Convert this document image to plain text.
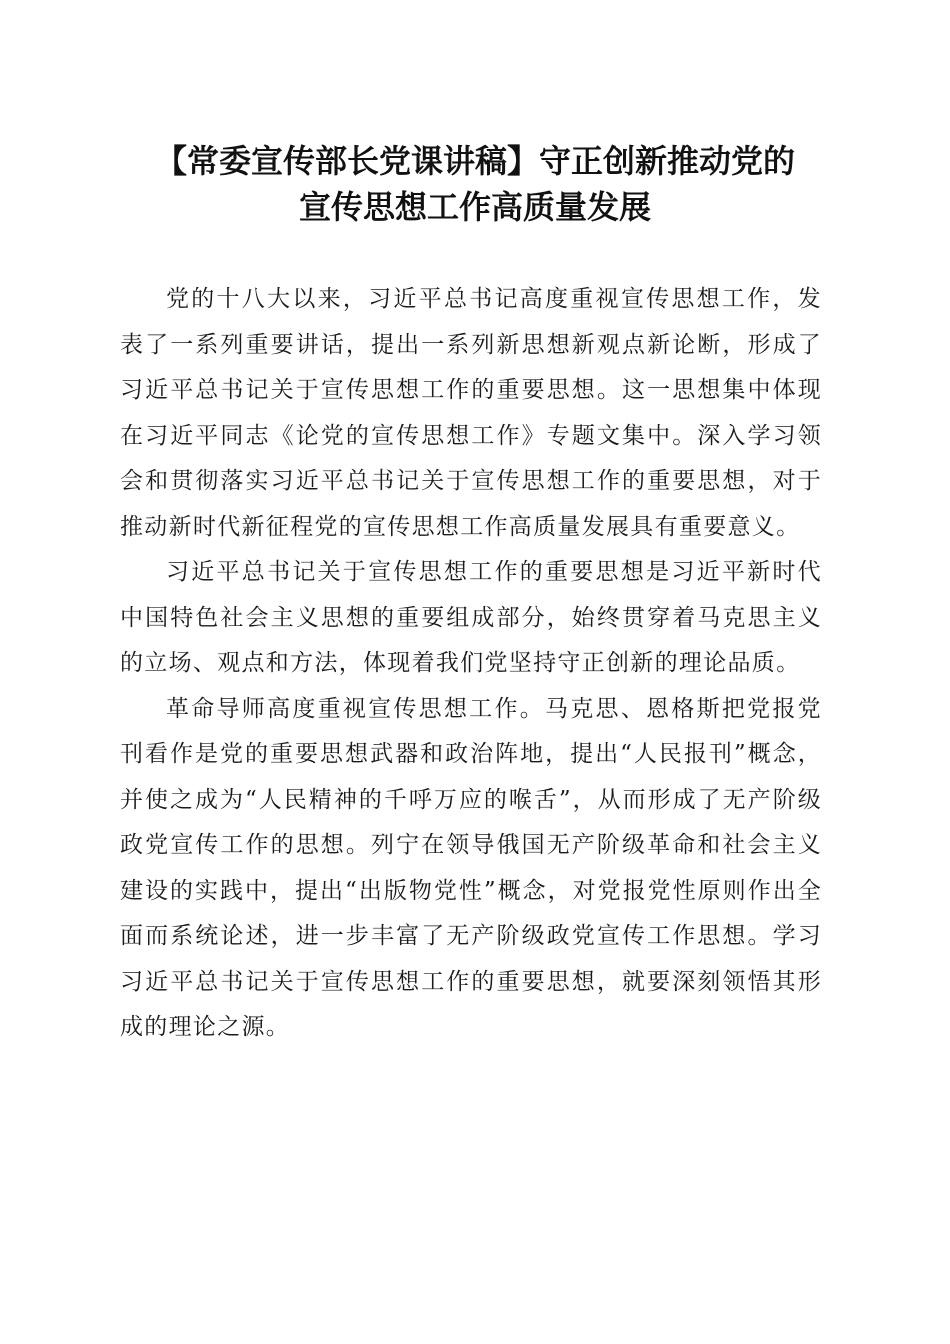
【常委宣传部长党课讲稿】守正创新推动党的
宣传思想工作高质量发展

党的十八大以来，习近平总书记高度重视宣传思想工作，发表了一系列重要讲话，提出一系列新思想新观点新论断，形成了习近平总书记关于宣传思想工作的重要思想。这一思想集中体现在习近平同志《论党的宣传思想工作》专题文集中。深入学习领会和贯彻落实习近平总书记关于宣传思想工作的重要思想，对于推动新时代新征程党的宣传思想工作高质量发展具有重要意义。

习近平总书记关于宣传思想工作的重要思想是习近平新时代中国特色社会主义思想的重要组成部分，始终贯穿着马克思主义的立场、观点和方法，体现着我们党坚持守正创新的理论品质。

革命导师高度重视宣传思想工作。马克思、恩格斯把党报党刊看作是党的重要思想武器和政治阵地，提出“人民报刊”概念，并使之成为“人民精神的千呼万应的喉舌”，从而形成了无产阶级政党宣传工作的思想。列宁在领导俄国无产阶级革命和社会主义建设的实践中，提出“出版物党性”概念，对党报党性原则作出全面而系统论述，进一步丰富了无产阶级政党宣传工作思想。学习习近平总书记关于宣传思想工作的重要思想，就要深刻领悟其形成的理论之源。
